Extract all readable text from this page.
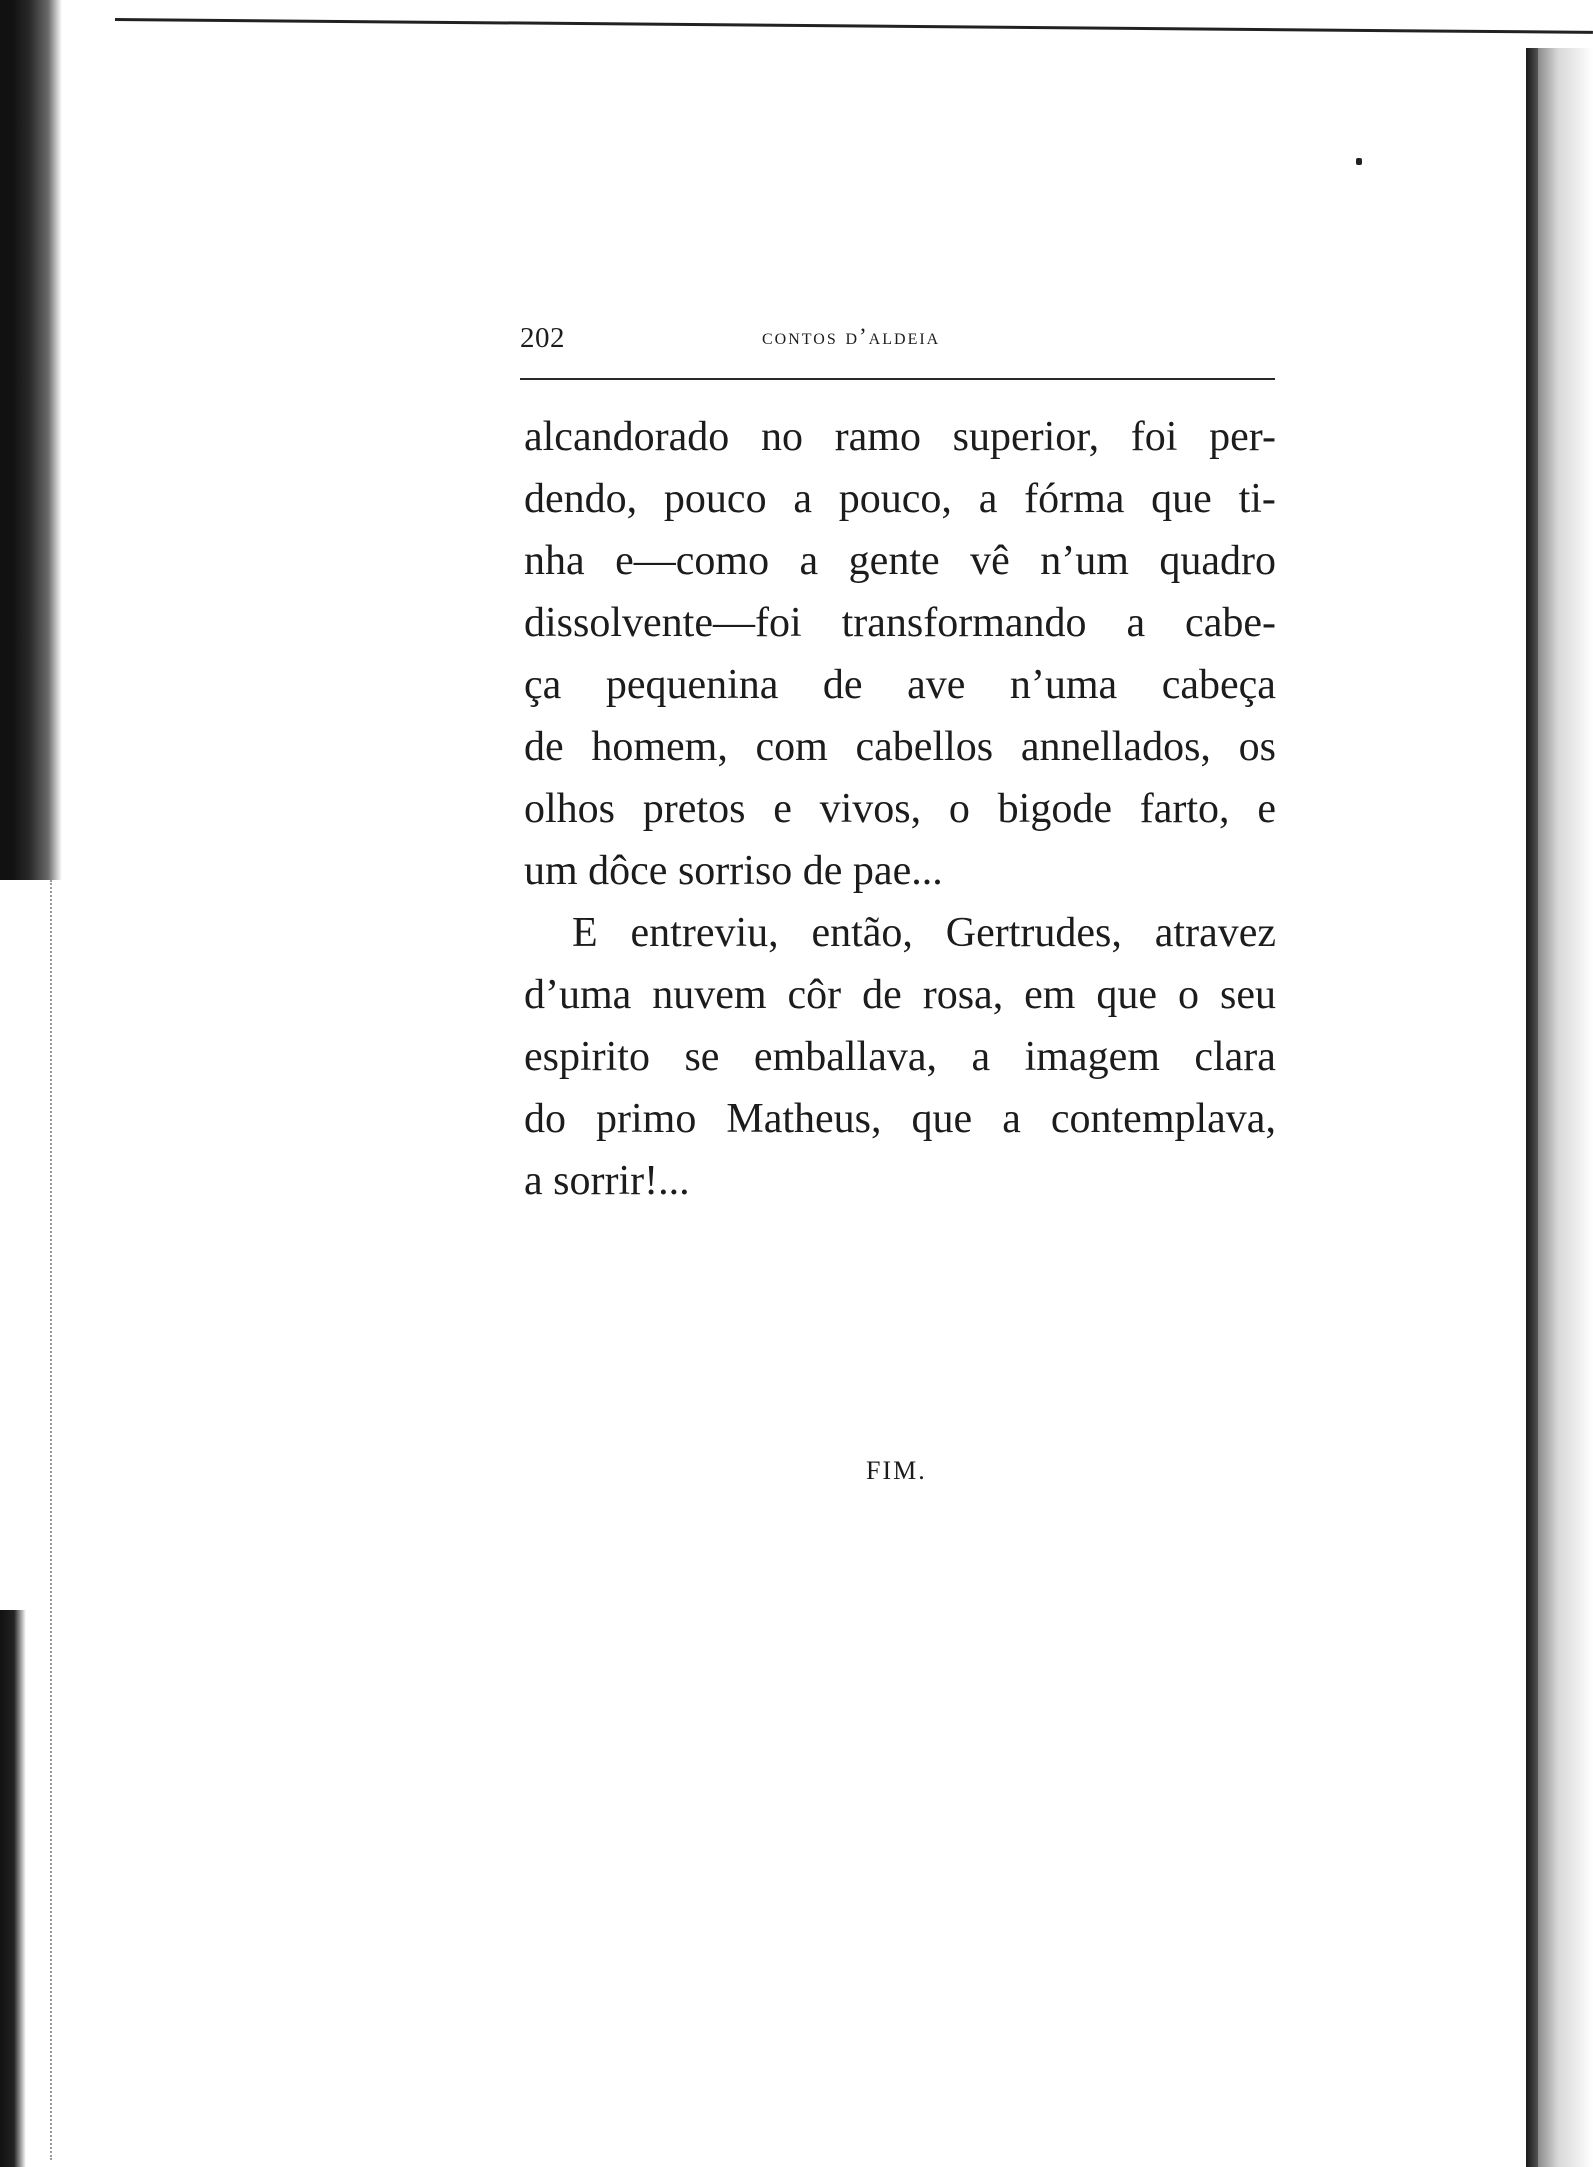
202	contos d’aldeia
alcandorado no ramo superior, foi per-
dendo, pouco a pouco, a fórma que ti-
nha e—como a gente vê n’um quadro
dissolvente—foi transformando a cabe-
ça pequenina de ave n’uma cabeça
de homem, com cabellos annellados, os
olhos pretos e vivos, o bigode farto, e
um dôce sorriso de pae...
E entreviu, então, Gertrudes, atravez
d’uma nuvem côr de rosa, em que o seu
espirito se emballava, a imagem clara
do primo Matheus, que a contemplava,
a sorrir!...
FIM.
